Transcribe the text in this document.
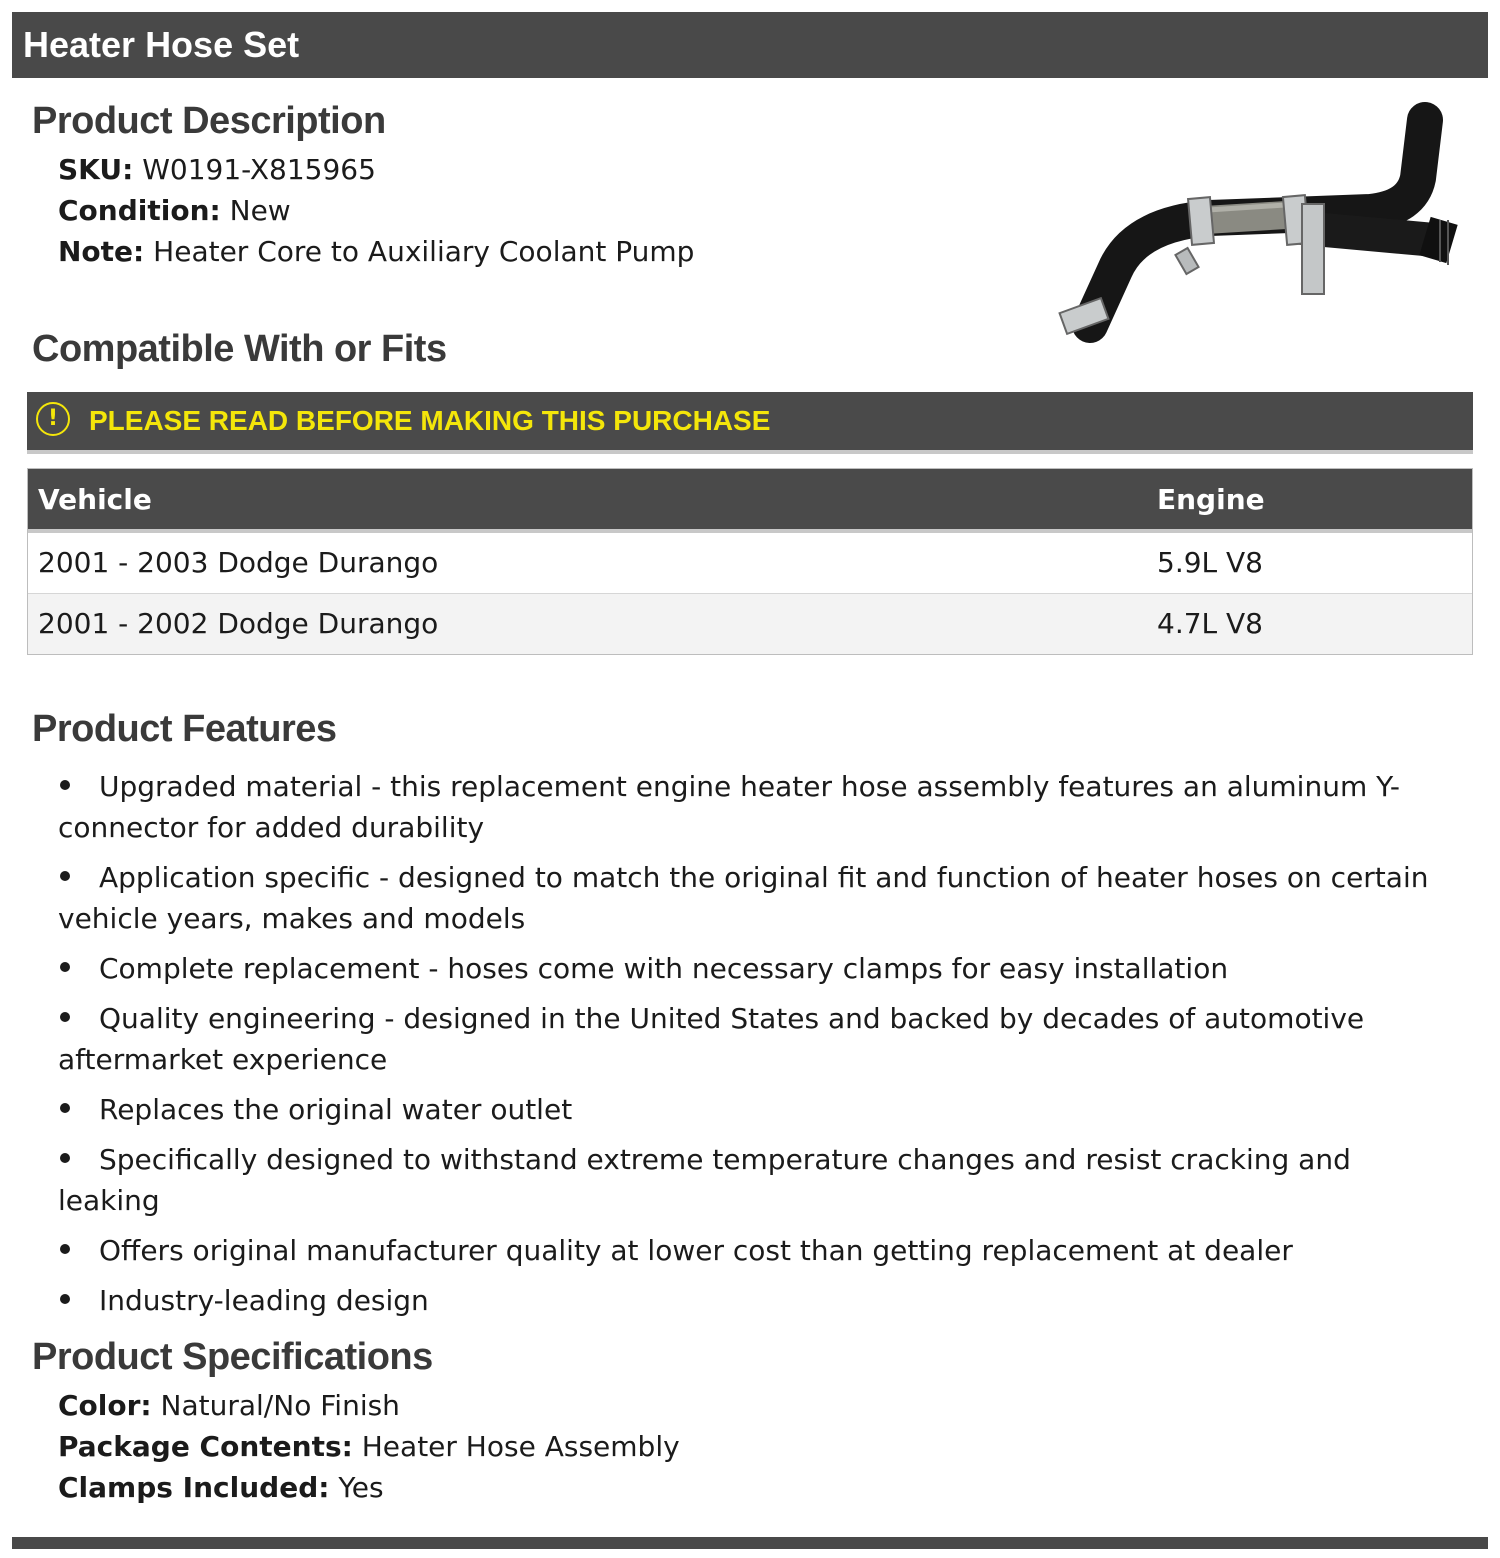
Heater Hose Set
Product Description
SKU: W0191-X815965
Condition: New
Note: Heater Core to Auxiliary Coolant Pump
Compatible With or Fits
!	PLEASE READ BEFORE MAKING THIS PURCHASE
Vehicle	Engine
2001 - 2003 Dodge Durango	5.9L V8
2001 - 2002 Dodge Durango	4.7L V8
Product Features
Upgraded material - this replacement engine heater hose assembly features an aluminum Y-connector for added durability
Application specific - designed to match the original fit and function of heater hoses on certain vehicle years, makes and models
Complete replacement - hoses come with necessary clamps for easy installation
Quality engineering - designed in the United States and backed by decades of automotive aftermarket experience
Replaces the original water outlet
Specifically designed to withstand extreme temperature changes and resist cracking and leaking
Offers original manufacturer quality at lower cost than getting replacement at dealer
Industry-leading design
Product Specifications
Color: Natural/No Finish
Package Contents: Heater Hose Assembly
Clamps Included: Yes
